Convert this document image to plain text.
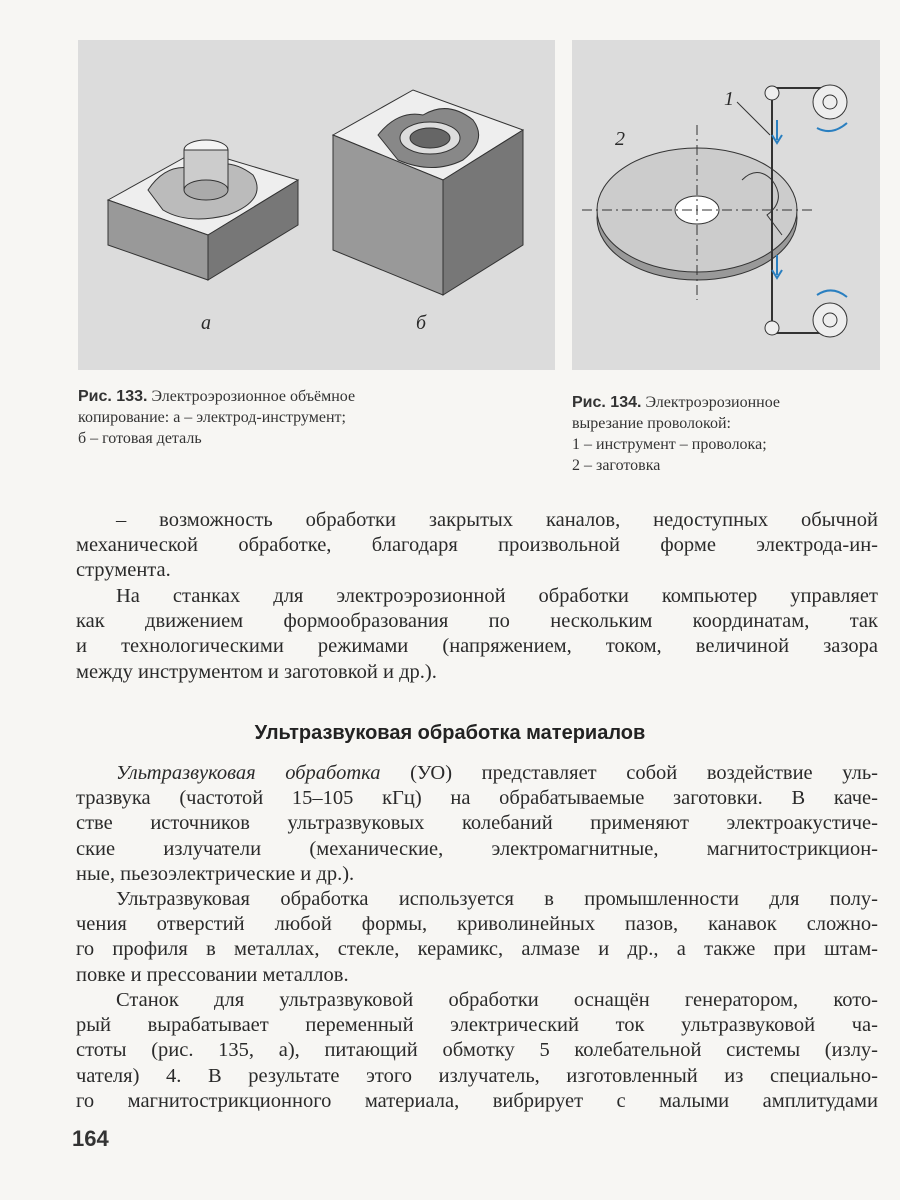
а	б
1
2
Рис. 133. Электроэрозионное объёмное
копирование: а – электрод-инструмент;
б – готовая деталь
Рис. 134. Электроэрозионное
вырезание проволокой:
1 – инструмент – проволока;
2 – заготовка
– возможность обработки закрытых каналов, недоступных обычной
механической обработке, благодаря произвольной форме электрода-ин-
струмента.
На станках для электроэрозионной обработки компьютер управляет
как движением формообразования по нескольким координатам, так
и технологическими режимами (напряжением, током, величиной зазора
между инструментом и заготовкой и др.).
Ультразвуковая обработка (УО) представляет собой воздействие уль-
тразвука (частотой 15–105 кГц) на обрабатываемые заготовки. В каче-
стве источников ультразвуковых колебаний применяют электроакустиче-
ские излучатели (механические, электромагнитные, магнитострикцион-
ные, пьезоэлектрические и др.).
Ультразвуковая обработка используется в промышленности для полу-
чения отверстий любой формы, криволинейных пазов, канавок сложно-
го профиля в металлах, стекле, керамикс, алмазе и др., а также при штам-
повке и прессовании металлов.
Станок для ультразвуковой обработки оснащён генератором, кото-
рый вырабатывает переменный электрический ток ультразвуковой ча-
стоты (рис. 135, а), питающий обмотку 5 колебательной системы (излу-
чателя) 4. В результате этого излучатель, изготовленный из специально-
го магнитострикционного материала, вибрирует с малыми амплитудами
Ультразвуковая обработка материалов
164
